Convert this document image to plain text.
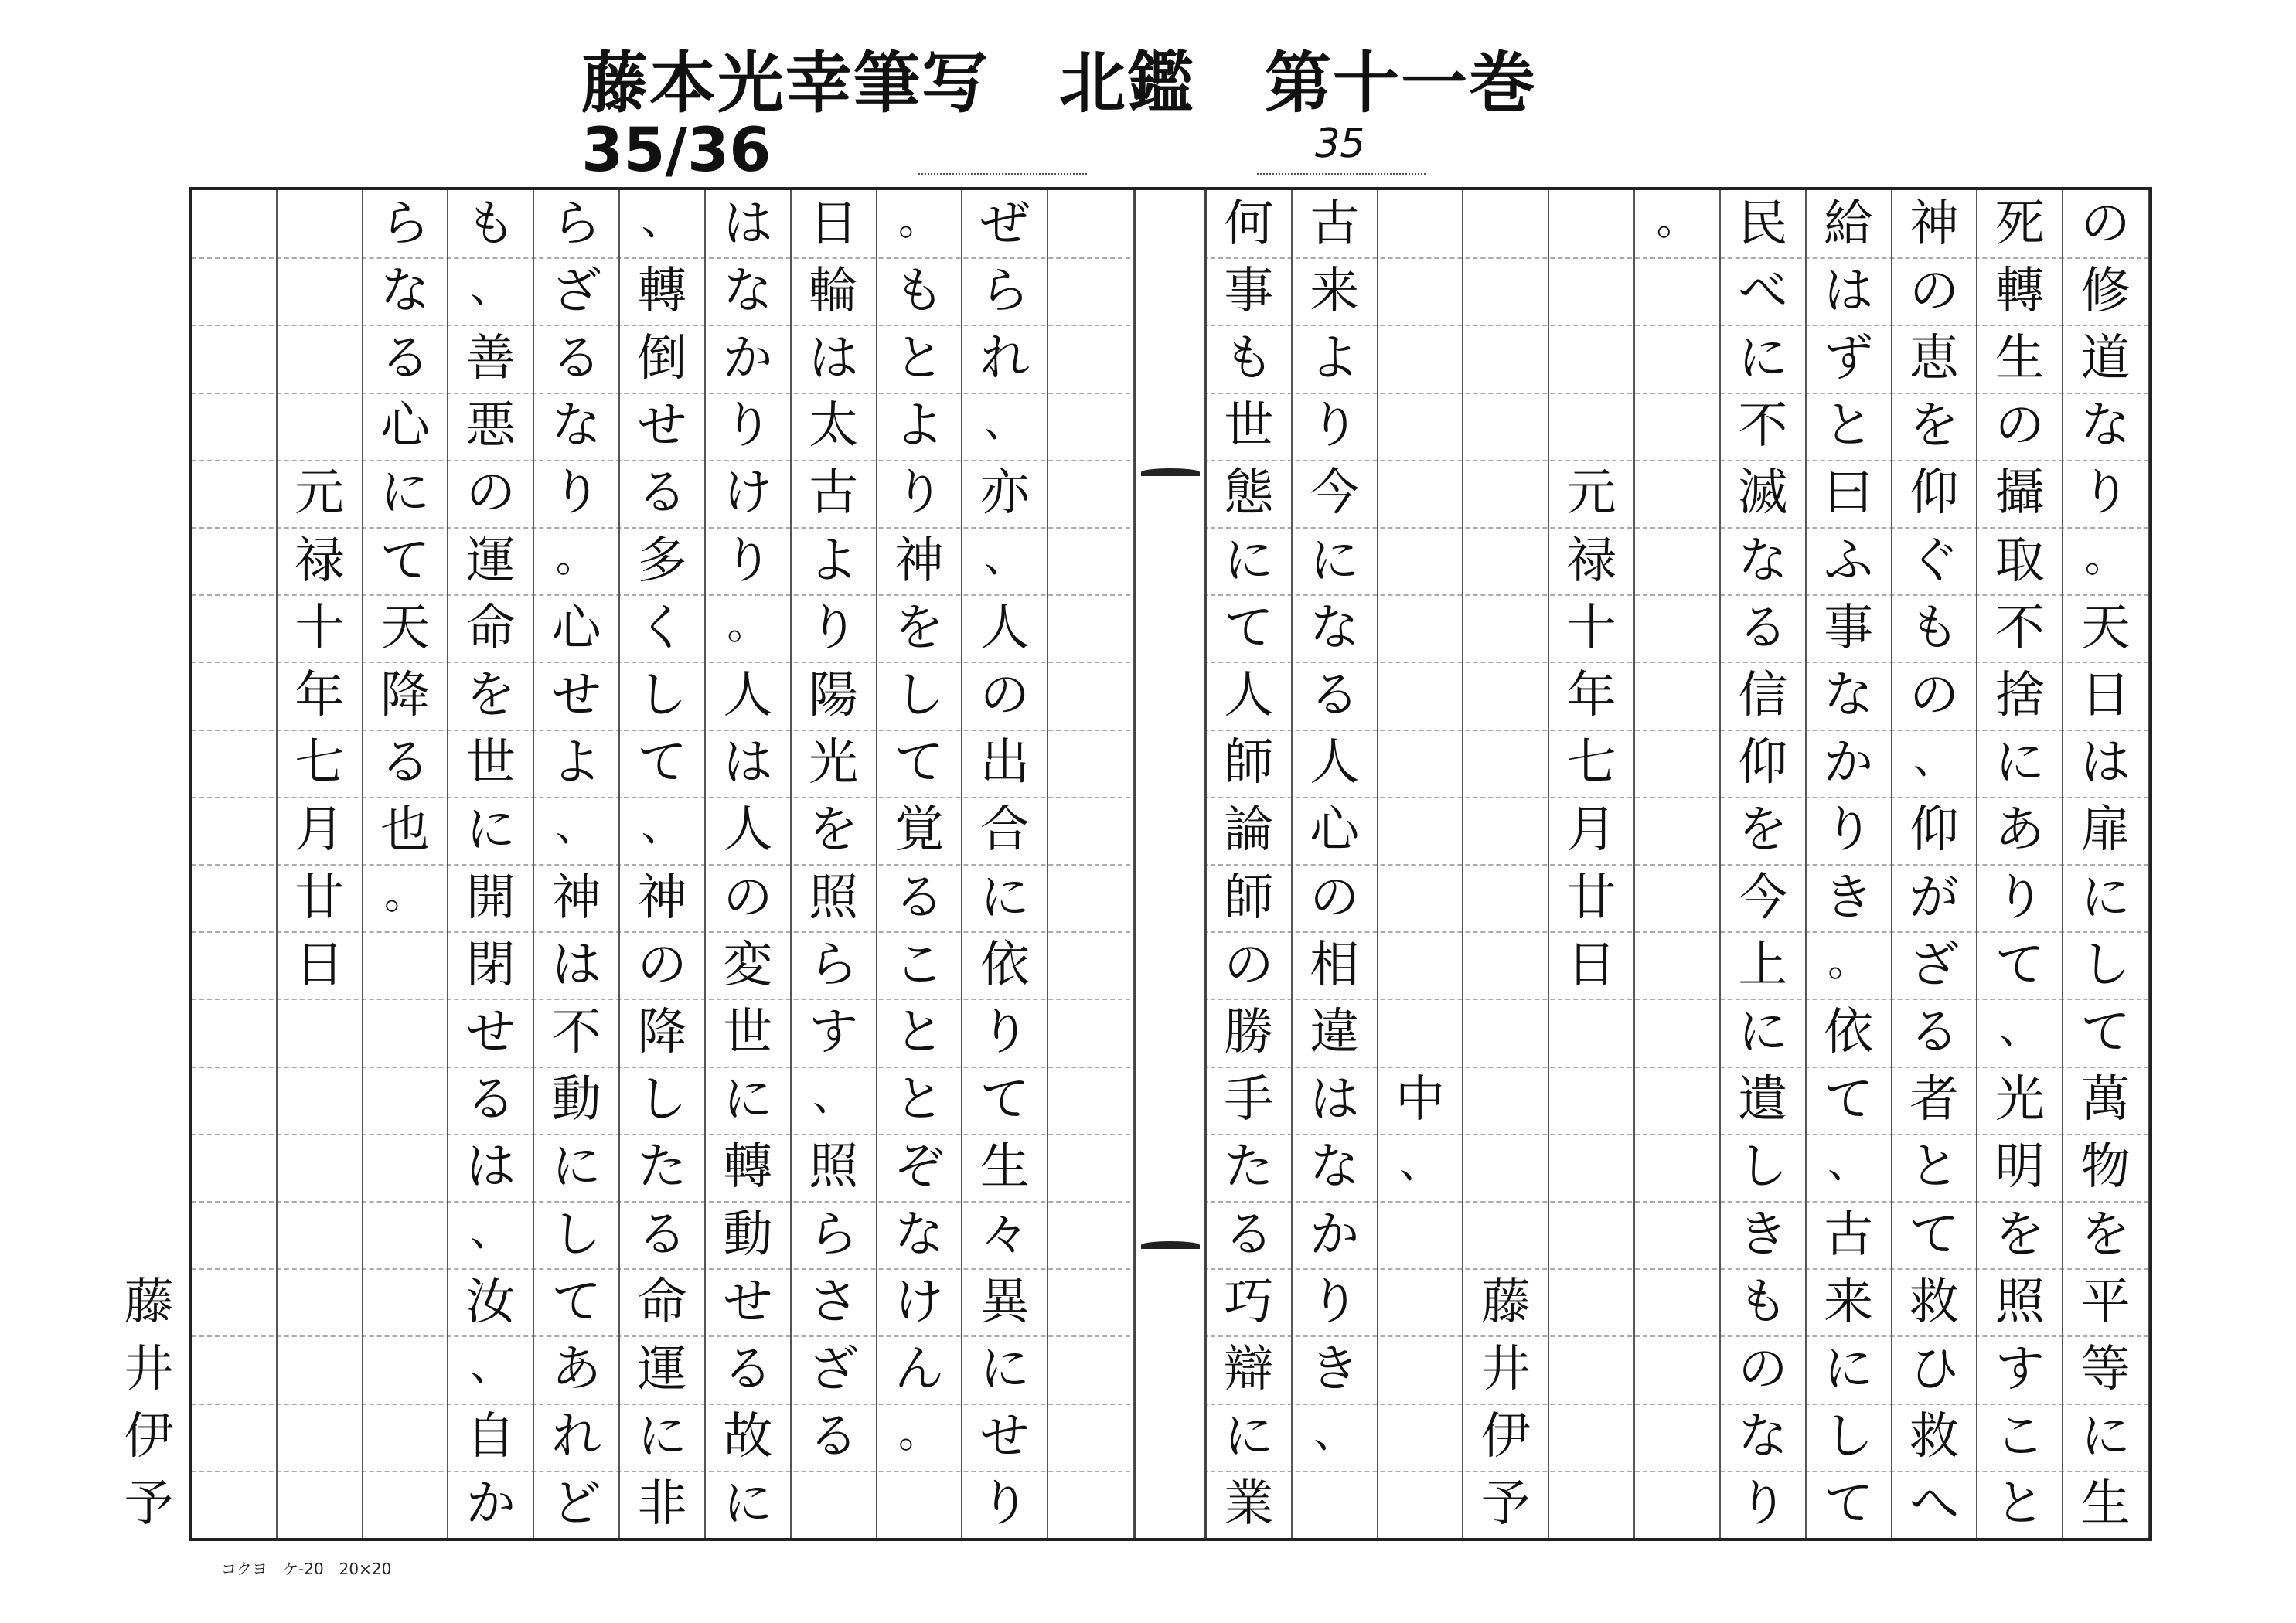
藤本光幸筆写 北鑑 第十一巻
35/36	35
の
修
道
な
り
。
天
日
は
扉
に
し
て
萬
物
を
平
等
に
生
死
轉
生
の
攝
取
不
捨
に
あ
り
て
、
光
明
を
照
す
こ
と
神
の
恵
を
仰
ぐ
も
の
、
仰
が
ざ
る
者
と
て
救
ひ
救
へ
給
は
ず
と
曰
ふ
事
な
か
り
き
。
依
て
、
古
来
に
し
て
民
べ
に
不
滅
な
る
信
仰
を
今
上
に
遺
し
き
も
の
な
り
。
元
禄
十
年
七
月
廿
日
藤
井
伊
予
中
、
古
来
よ
り
今
に
な
る
人
心
の
相
違
は
な
か
り
き
、
何
事
も
世
態
に
て
人
師
論
師
の
勝
手
た
る
巧
辯
に
業
ぜ
ら
れ
、
亦
、
人
の
出
合
に
依
り
て
生
々
異
に
せ
り
。
も
と
よ
り
神
を
し
て
覚
る
こ
と
と
ぞ
な
け
ん
。
日
輪
は
太
古
よ
り
陽
光
を
照
ら
す
、
照
ら
さ
ざ
る
は
な
か
り
け
り
。
人
は
人
の
変
世
に
轉
動
せ
る
故
に
、
轉
倒
せ
る
多
く
し
て
、
神
の
降
し
た
る
命
運
に
非
ら
ざ
る
な
り
。
心
せ
よ
、
神
は
不
動
に
し
て
あ
れ
ど
も
、
善
悪
の
運
命
を
世
に
開
閉
せ
る
は
、
汝
、
自
か
ら
な
る
心
に
て
天
降
る
也
。
元
禄
十
年
七
月
廿
日
藤
井
伊
予
コクヨ　ケ-20　20×20
